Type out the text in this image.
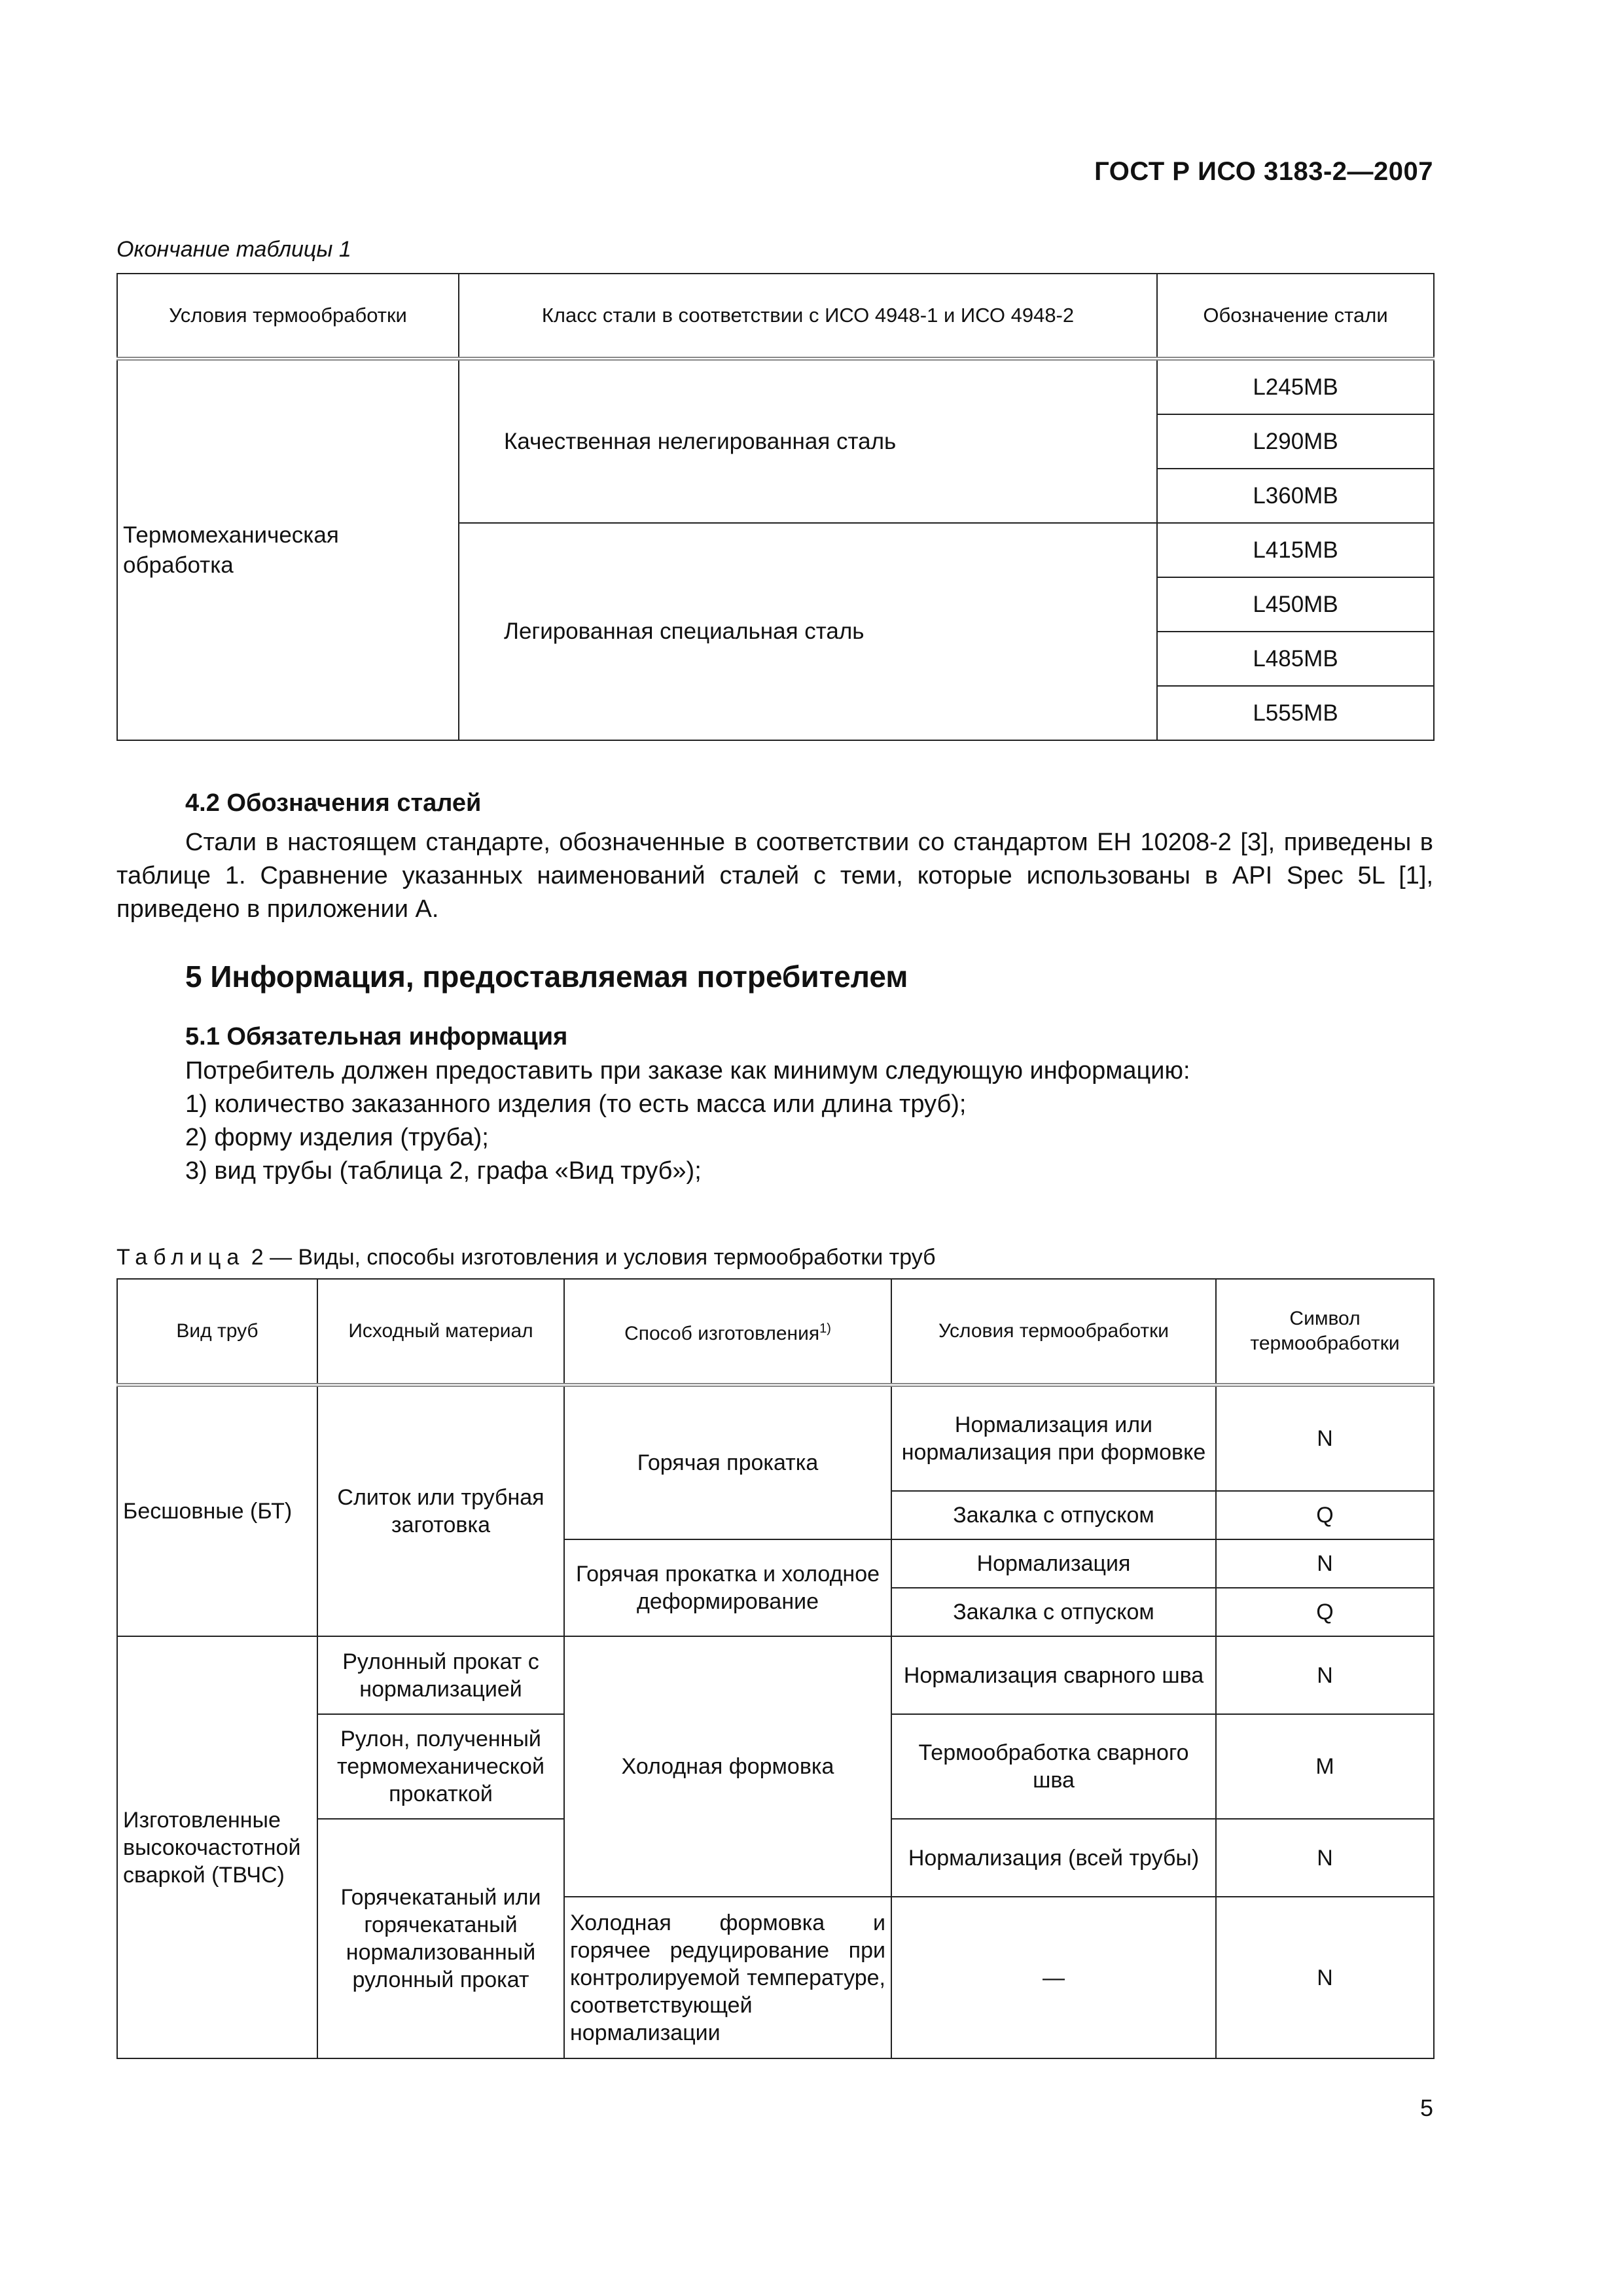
ГОСТ Р ИСО 3183-2—2007
Окончание таблицы 1
Условия термообработки	Класс стали в соответствии с ИСО 4948-1 и ИСО 4948-2	Обозначение стали
Термомеханическая обработка	Качественная нелегированная сталь	L245MB
		L290MB
		L360MB
	Легированная специальная сталь	L415MB
		L450MB
		L485MB
		L555MB
4.2 Обозначения сталей
Стали в настоящем стандарте, обозначенные в соответствии со стандартом ЕН 10208-2 [3], приведены в таблице 1. Сравнение указанных наименований сталей с теми, которые использованы в API Spec 5L [1], приведено в приложении А.
5 Информация, предоставляемая потребителем
5.1 Обязательная информация
Потребитель должен предоставить при заказе как минимум следующую информацию:
1) количество заказанного изделия (то есть масса или длина труб);
2) форму изделия (труба);
3) вид трубы (таблица 2, графа «Вид труб»);
Таблица 2 — Виды, способы изготовления и условия термообработки труб
Вид труб	Исходный материал	Способ изготовления$^{1)}$	Условия термообработки	Символ термообработки
Бесшовные (БТ)	Слиток или трубная заготовка	Горячая прокатка	Нормализация или нормализация при формовке	N
			Закалка с отпуском	Q
		Горячая прокатка и холодное деформирование	Нормализация	N
			Закалка с отпуском	Q
Изготовленные высокочастотной сваркой (ТВЧС)	Рулонный прокат с нормализацией	Холодная формовка	Нормализация сварного шва	N
	Рулон, полученный термомеханической прокаткой		Термообработка сварного шва	M
	Горячекатаный или горячекатаный нормализованный рулонный прокат		Нормализация (всей трубы)	N
		Холодная формовка и горячее редуцирование при контролируемой температуре, соответствующей нормализации	—	N
5
